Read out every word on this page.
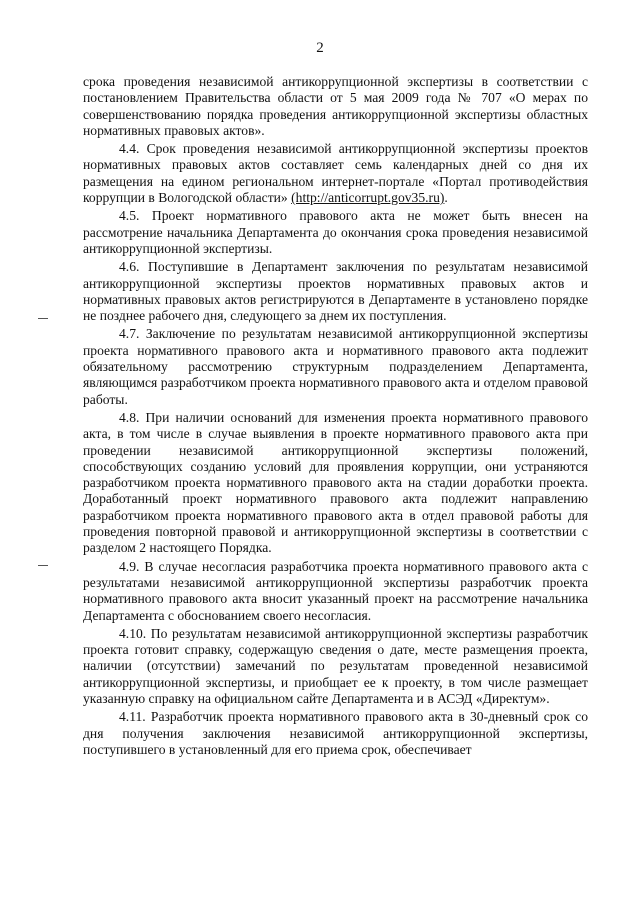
2

срока проведения независимой антикоррупционной экспертизы в соответствии с постановлением Правительства области от 5 мая 2009 года № 707 «О мерах по совершенствованию порядка проведения антикоррупционной экспертизы областных нормативных правовых актов».

4.4. Срок проведения независимой антикоррупционной экспертизы проектов нормативных правовых актов составляет семь календарных дней со дня их размещения на едином региональном интернет-портале «Портал противодействия коррупции в Вологодской области» (http://anticorrupt.gov35.ru).

4.5. Проект нормативного правового акта не может быть внесен на рассмотрение начальника Департамента до окончания срока проведения независимой антикоррупционной экспертизы.

4.6. Поступившие в Департамент заключения по результатам независимой антикоррупционной экспертизы проектов нормативных правовых актов и нормативных правовых актов регистрируются в Департаменте в установлено порядке не позднее рабочего дня, следующего за днем их поступления.

4.7. Заключение по результатам независимой антикоррупционной экспертизы проекта нормативного правового акта и нормативного правового акта подлежит обязательному рассмотрению структурным подразделением Департамента, являющимся разработчиком проекта нормативного правового акта и отделом правовой работы.

4.8. При наличии оснований для изменения проекта нормативного правового акта, в том числе в случае выявления в проекте нормативного правового акта при проведении независимой антикоррупционной экспертизы положений, способствующих созданию условий для проявления коррупции, они устраняются разработчиком проекта нормативного правового акта на стадии доработки проекта. Доработанный проект нормативного правового акта подлежит направлению разработчиком проекта нормативного правового акта в отдел правовой работы для проведения повторной правовой и антикоррупционной экспертизы в соответствии с разделом 2 настоящего Порядка.

4.9. В случае несогласия разработчика проекта нормативного правового акта с результатами независимой антикоррупционной экспертизы разработчик проекта нормативного правового акта вносит указанный проект на рассмотрение начальника Департамента с обоснованием своего несогласия.

4.10. По результатам независимой антикоррупционной экспертизы разработчик проекта готовит справку, содержащую сведения о дате, месте размещения проекта, наличии (отсутствии) замечаний по результатам проведенной независимой антикоррупционной экспертизы, и приобщает ее к проекту, в том числе размещает указанную справку на официальном сайте Департамента и в АСЭД «Директум».

4.11. Разработчик проекта нормативного правового акта в 30-дневный срок со дня получения заключения независимой антикоррупционной экспертизы, поступившего в установленный для его приема срок, обеспечивает
